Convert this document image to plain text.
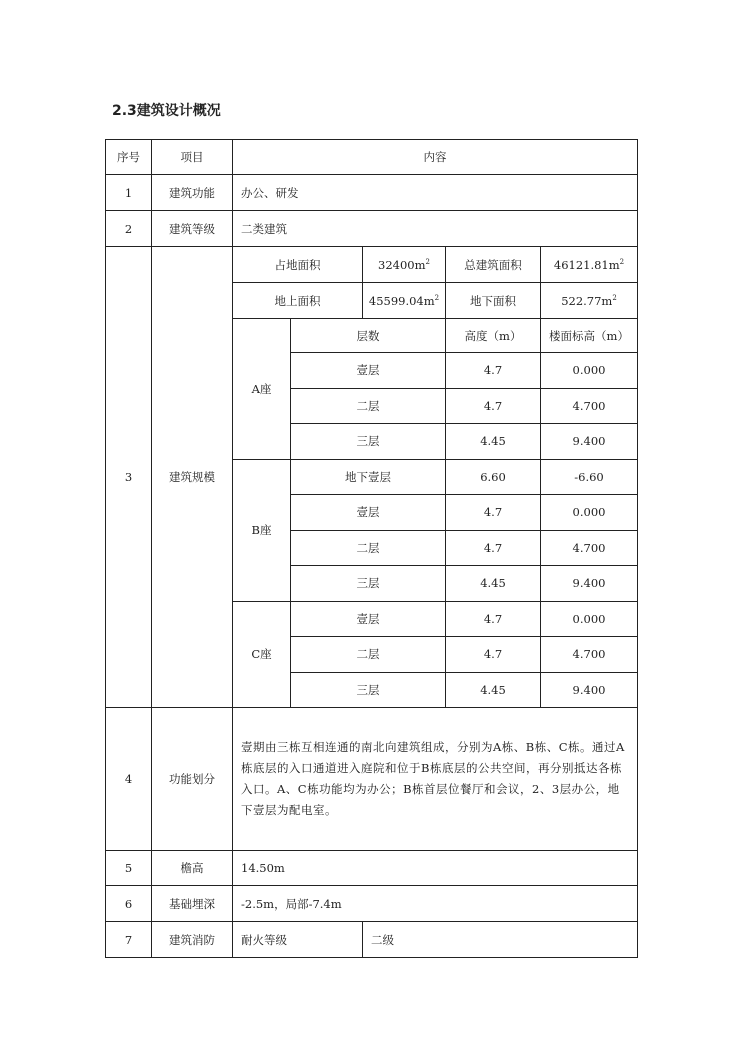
2.3建筑设计概况
序号	项目	内容				
1	建筑功能	办公、研发				
2	建筑等级	二类建筑				
3	建筑规模	占地面积		$32400m^2$	总建筑面积	$46121.81m^2$
		地上面积		$45599.04m^2$	地下面积	$522.77m^2$
		A座	层数		高度（m）	楼面标高（m）
			壹层		4.7	0.000
			二层		4.7	4.700
			三层		4.45	9.400
		B座	地下壹层		6.60	-6.60
			壹层		4.7	0.000
			二层		4.7	4.700
			三层		4.45	9.400
		C座	壹层		4.7	0.000
			二层		4.7	4.700
			三层		4.45	9.400
4	功能划分	壹期由三栋互相连通的南北向建筑组成，分别为A栋、B栋、C栋。通过A栋底层的入口通道进入庭院和位于B栋底层的公共空间，再分别抵达各栋入口。A、C栋功能均为办公；B栋首层位餐厅和会议，2、3层办公，地下壹层为配电室。				
5	檐高	14.50m				
6	基础埋深	-2.5m，局部-7.4m				
7	建筑消防	耐火等级		二级		
